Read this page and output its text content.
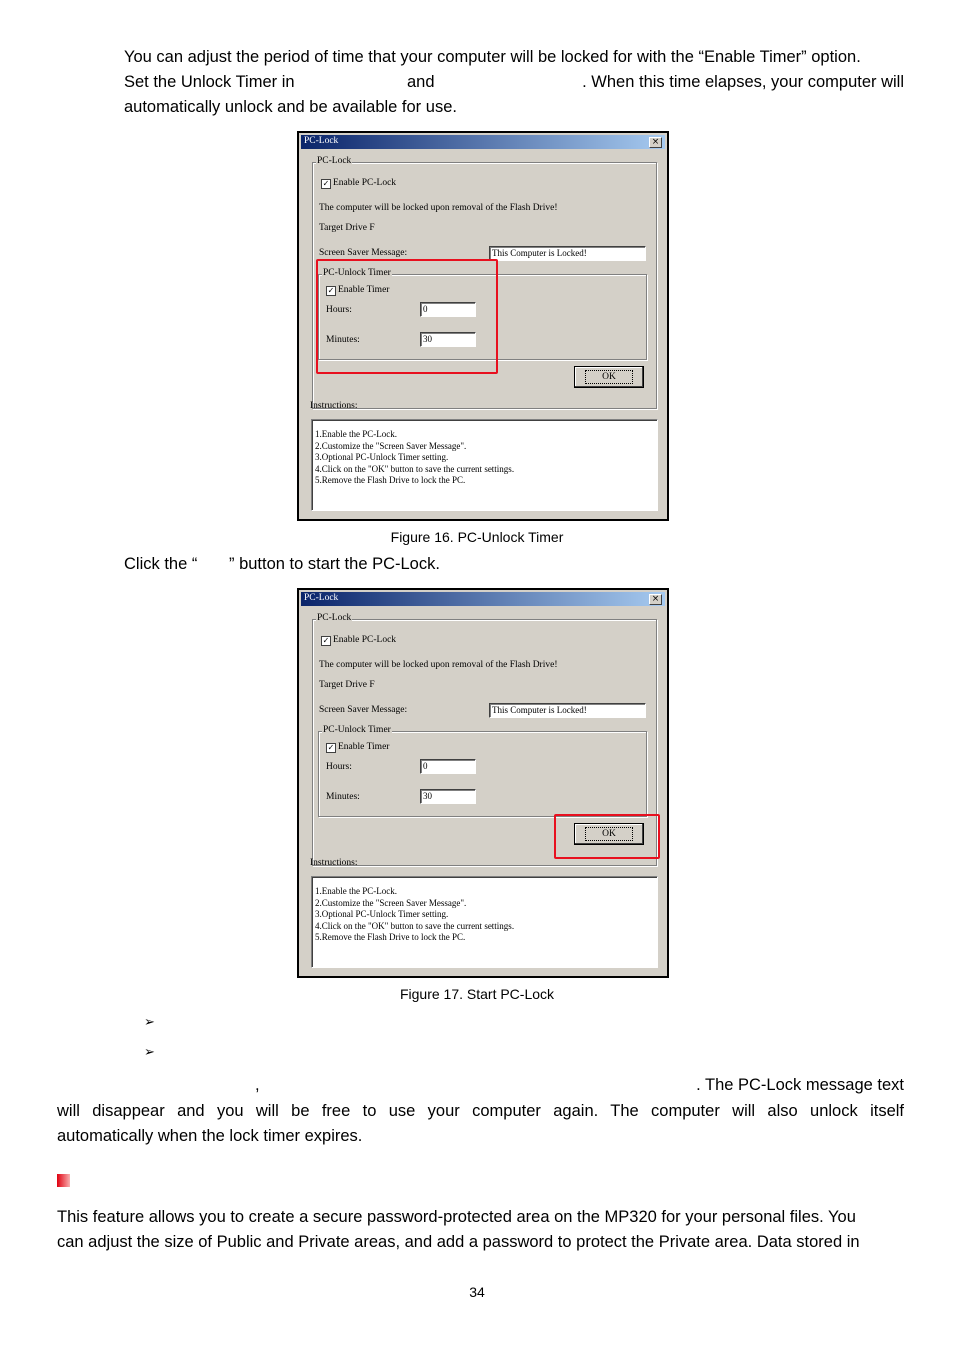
You can adjust the period of time that your computer will be locked for with the “Enable Timer” option.
Set the Unlock Timer in	and	. When this time elapses, your computer will
automatically unlock and be available for use.
PC-Lock	×
PC-Lock
✓ Enable PC-Lock
The computer will be locked upon removal of the Flash Drive!
Target Drive F
Screen Saver Message:	This Computer is Locked!
PC-Unlock Timer
✓ Enable Timer
Hours:	0
Minutes:	30
OK
Instructions:
1.Enable the PC-Lock.
2.Customize the "Screen Saver Message".
3.Optional PC-Unlock Timer setting.
4.Click on the "OK" button to save the current settings.
5.Remove the Flash Drive to lock the PC.
Figure 16. PC-Unlock Timer
Click the “ ” button to start the PC-Lock.
PC-Lock	×
PC-Lock
✓ Enable PC-Lock
The computer will be locked upon removal of the Flash Drive!
Target Drive F
Screen Saver Message:	This Computer is Locked!
PC-Unlock Timer
✓ Enable Timer
Hours:	0
Minutes:	30
OK
Instructions:
1.Enable the PC-Lock.
2.Customize the "Screen Saver Message".
3.Optional PC-Unlock Timer setting.
4.Click on the "OK" button to save the current settings.
5.Remove the Flash Drive to lock the PC.
Figure 17. Start PC-Lock
➢
➢
,	. The PC-Lock message text
will disappear and you will be free to use your computer again. The computer will also unlock itself
automatically when the lock timer expires.
This feature allows you to create a secure password-protected area on the MP320 for your personal files. You
can adjust the size of Public and Private areas, and add a password to protect the Private area. Data stored in
34
